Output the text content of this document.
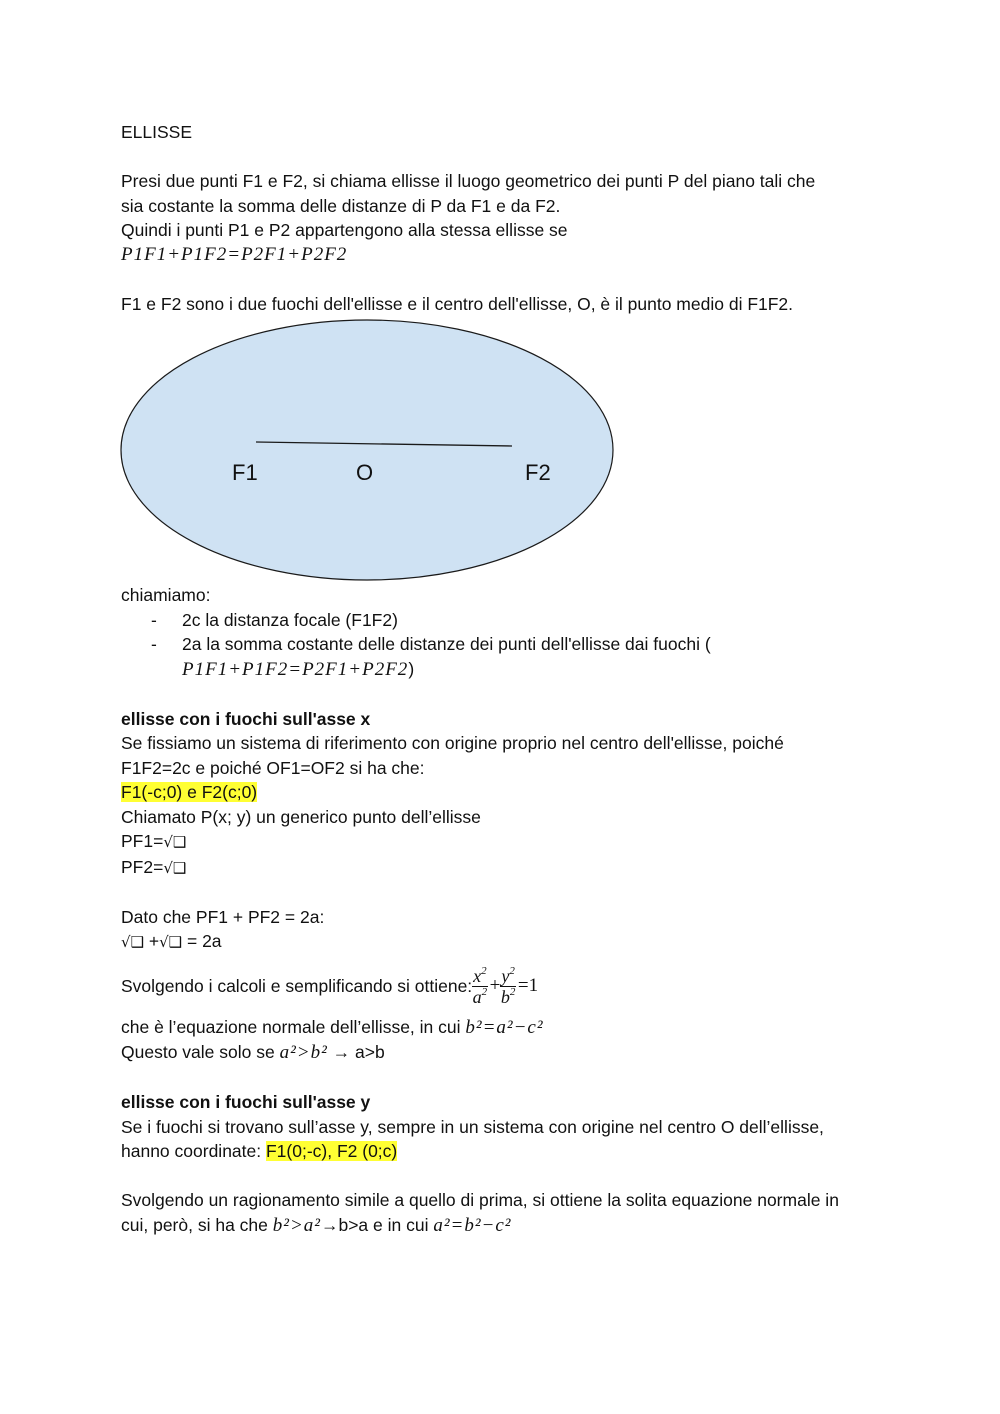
ELLISSE

Presi due punti F1 e F2, si chiama ellisse il luogo geometrico dei punti P del piano tali che

sia costante la somma delle distanze di P da F1 e da F2.

Quindi i punti P1 e P2 appartengono alla stessa ellisse se

P1F1+P1F2=P2F1+P2F2

F1 e F2 sono i due fuochi dell'ellisse e il centro dell'ellisse, O, è il punto medio di F1F2.

F1	O	F2

chiamiamo:

- 2c la distanza focale (F1F2)
- 2a la somma costante delle distanze dei punti dell'ellisse dai fuochi (
P1F1+P1F2=P2F1+P2F2)

ellisse con i fuochi sull'asse x

Se fissiamo un sistema di riferimento con origine proprio nel centro dell'ellisse, poiché

F1F2=2c e poiché OF1=OF2 si ha che:

F1(-c;0) e F2(c;0)

Chiamato P(x; y) un generico punto dell’ellisse

PF1=√❑

PF2=√❑

Dato che PF1 + PF2 = 2a:

√❑ +√❑ = 2a

Svolgendo i calcoli e semplificando si ottiene: $\frac{x^2}{a^2} + \frac{y^2}{b^2} =1$

che è l’equazione normale dell’ellisse, in cui b²=a²−c²

Questo vale solo se a²>b² → a>b

ellisse con i fuochi sull'asse y

Se i fuochi si trovano sull’asse y, sempre in un sistema con origine nel centro O dell’ellisse,

hanno coordinate: F1(0;-c), F2 (0;c)

Svolgendo un ragionamento simile a quello di prima, si ottiene la solita equazione normale in

cui, però, si ha che b²>a²→b>a e in cui a²=b²−c²
